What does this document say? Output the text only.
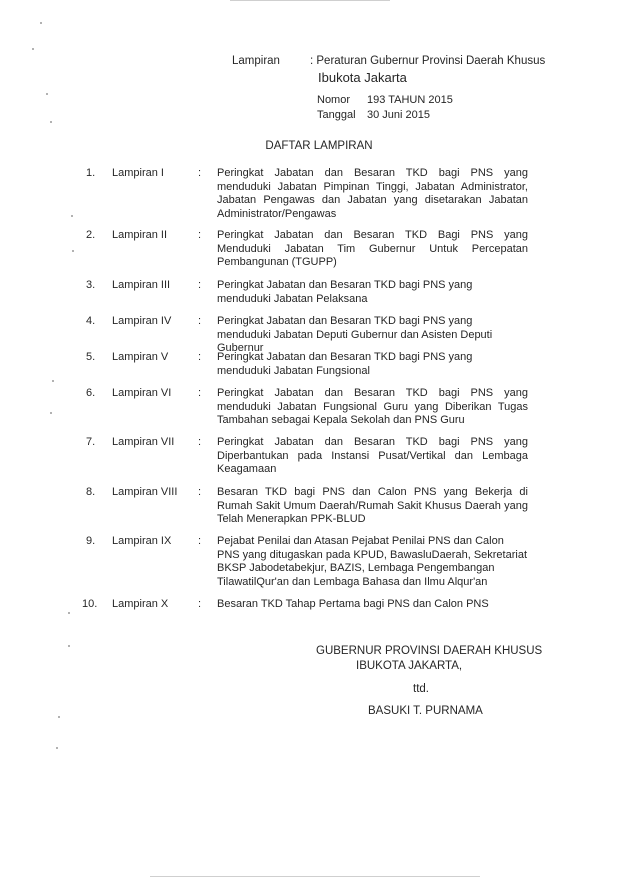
Lampiran	: Peraturan Gubernur Provinsi Daerah Khusus
Ibukota Jakarta
Nomor 193 TAHUN 2015
Tanggal 30 Juni 2015
DAFTAR LAMPIRAN
1.	Lampiran I	: Peringkat Jabatan dan Besaran TKD bagi PNS yang menduduki Jabatan Pimpinan Tinggi, Jabatan Administrator, Jabatan Pengawas dan Jabatan yang disetarakan Jabatan Administrator/Pengawas
2.	Lampiran II	: Peringkat Jabatan dan Besaran TKD Bagi PNS yang Menduduki Jabatan Tim Gubernur Untuk Percepatan Pembangunan (TGUPP)
3.	Lampiran III	: Peringkat Jabatan dan Besaran TKD bagi PNS yang menduduki Jabatan Pelaksana
4.	Lampiran IV : Peringkat Jabatan dan Besaran TKD bagi PNS yang menduduki Jabatan Deputi Gubernur dan Asisten Deputi Gubernur
5.	Lampiran V	: Peringkat Jabatan dan Besaran TKD bagi PNS yang menduduki Jabatan Fungsional
6.	Lampiran VI : Peringkat Jabatan dan Besaran TKD bagi PNS yang menduduki Jabatan Fungsional Guru yang Diberikan Tugas Tambahan sebagai Kepala Sekolah dan PNS Guru
7.	Lampiran VII : Peringkat Jabatan dan Besaran TKD bagi PNS yang Diperbantukan pada Instansi Pusat/Vertikal dan Lembaga Keagamaan
8.	Lampiran VIII : Besaran TKD bagi PNS dan Calon PNS yang Bekerja di Rumah Sakit Umum Daerah/Rumah Sakit Khusus Daerah yang Telah Menerapkan PPK-BLUD
9.	Lampiran IX : Pejabat Penilai dan Atasan Pejabat Penilai PNS dan Calon PNS yang ditugaskan pada KPUD, BawasluDaerah, Sekretariat BKSP Jabodetabekjur, BAZIS, Lembaga Pengembangan TilawatilQur'an dan Lembaga Bahasa dan Ilmu Alqur'an
10.	Lampiran X	: Besaran TKD Tahap Pertama bagi PNS dan Calon PNS
GUBERNUR PROVINSI DAERAH KHUSUS
IBUKOTA JAKARTA,
ttd.
BASUKI T. PURNAMA
